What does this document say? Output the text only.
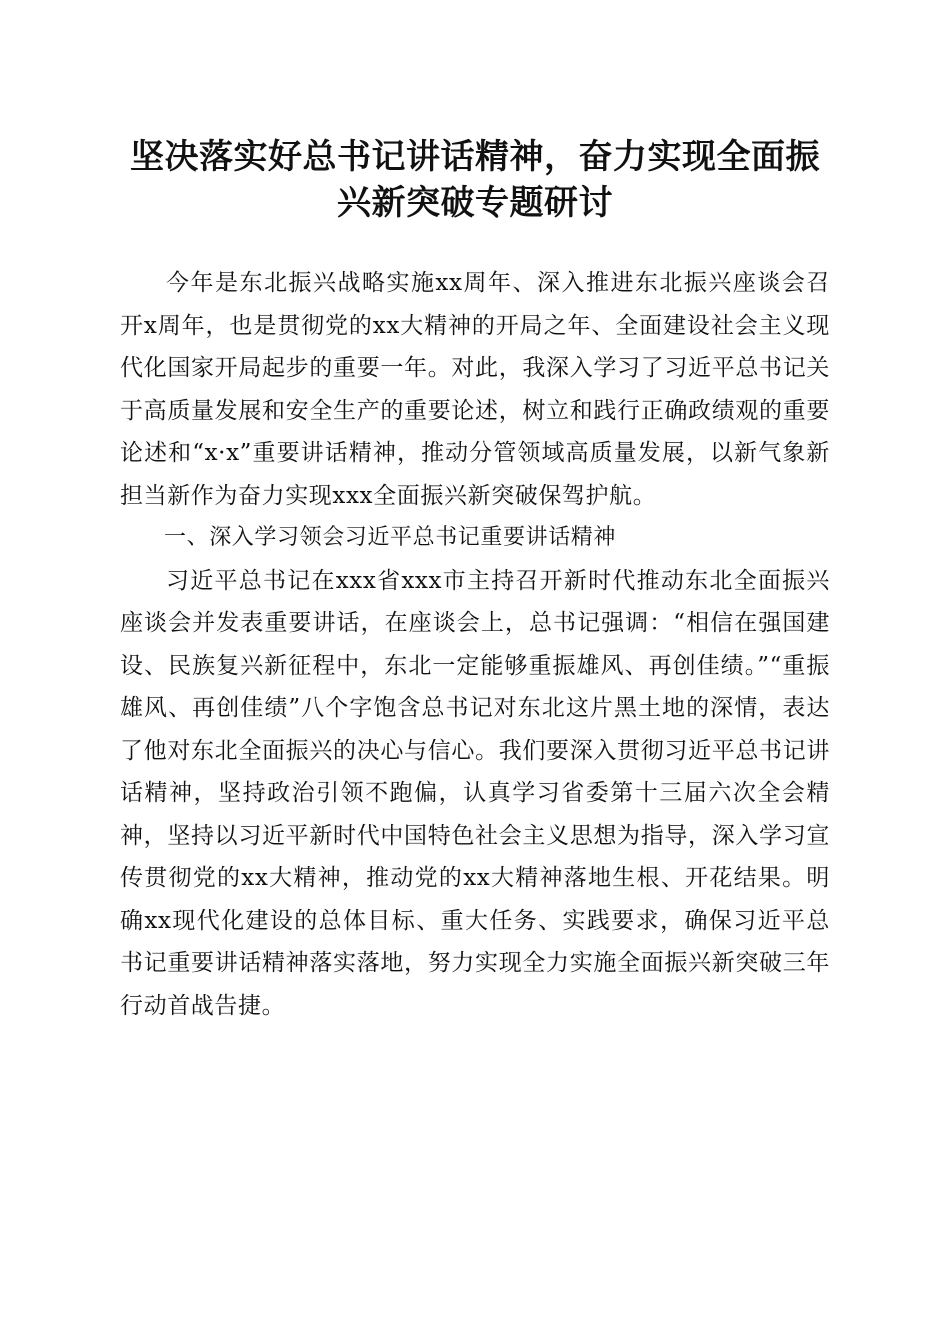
坚决落实好总书记讲话精神，奋力实现全面振
兴新突破专题研讨

今年是东北振兴战略实施xx周年、深入推进东北振兴座谈会召开x周年，也是贯彻党的xx大精神的开局之年、全面建设社会主义现代化国家开局起步的重要一年。对此，我深入学习了习近平总书记关于高质量发展和安全生产的重要论述，树立和践行正确政绩观的重要论述和“x·x”重要讲话精神，推动分管领域高质量发展，以新气象新担当新作为奋力实现xxx全面振兴新突破保驾护航。

一、深入学习领会习近平总书记重要讲话精神

习近平总书记在xxx省xxx市主持召开新时代推动东北全面振兴座谈会并发表重要讲话，在座谈会上，总书记强调：“相信在强国建设、民族复兴新征程中，东北一定能够重振雄风、再创佳绩。”“重振雄风、再创佳绩”八个字饱含总书记对东北这片黑土地的深情，表达了他对东北全面振兴的决心与信心。我们要深入贯彻习近平总书记讲话精神，坚持政治引领不跑偏，认真学习省委第十三届六次全会精神，坚持以习近平新时代中国特色社会主义思想为指导，深入学习宣传贯彻党的xx大精神，推动党的xx大精神落地生根、开花结果。明确xx现代化建设的总体目标、重大任务、实践要求，确保习近平总书记重要讲话精神落实落地，努力实现全力实施全面振兴新突破三年行动首战告捷。
